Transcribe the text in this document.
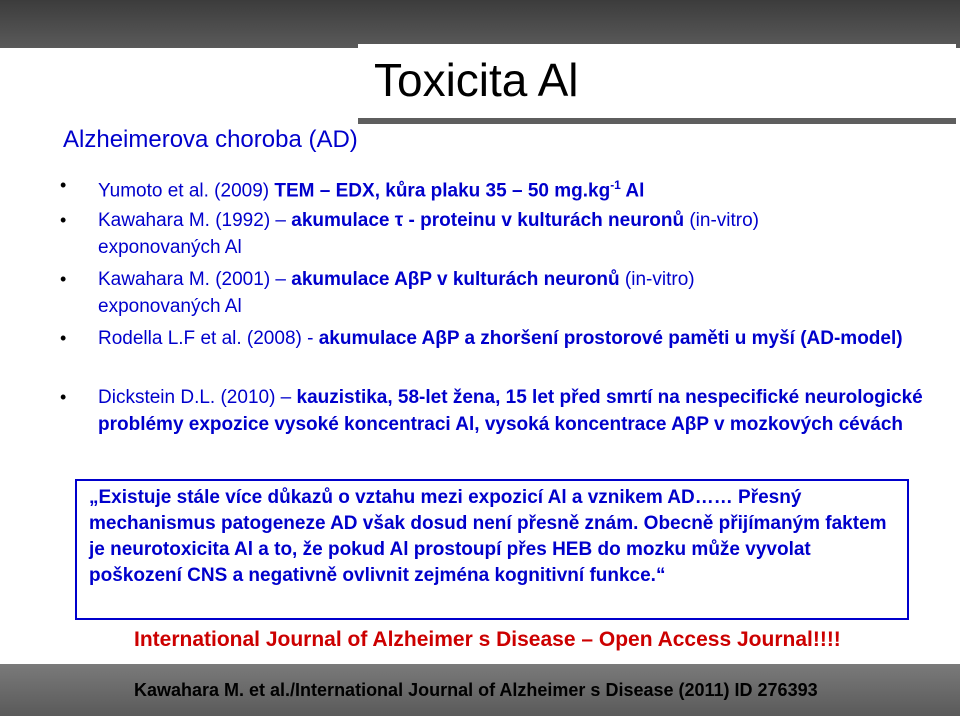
Toxicita Al
Alzheimerova choroba (AD)
• Yumoto et al. (2009) TEM – EDX, kůra plaku 35 – 50 $mg.kg^{-1}$ Al
• Kawahara M. (1992) – akumulace τ - proteinu v kulturách neuronů (in-vitro)
exponovaných Al
• Kawahara M. (2001) – akumulace AβP v kulturách neuronů (in-vitro)
exponovaných Al
• Rodella L.F et al. (2008) - akumulace AβP a zhoršení prostorové paměti u myší (AD-model)
• Dickstein D.L. (2010) – kauzistika, 58-let žena, 15 let před smrtí na nespecifické neurologické problémy expozice vysoké koncentraci Al, vysoká koncentrace AβP v mozkových cévách
„Existuje stále více důkazů o vztahu mezi expozicí Al a vznikem AD…… Přesný mechanismus patogeneze AD však dosud není přesně znám. Obecně přijímaným faktem je neurotoxicita Al a to, že pokud Al prostoupí přes HEB do mozku může vyvolat poškození CNS a negativně ovlivnit zejména kognitivní funkce.“
International Journal of Alzheimer s Disease – Open Access Journal!!!!
Kawahara M. et al./International Journal of Alzheimer s Disease (2011) ID 276393
